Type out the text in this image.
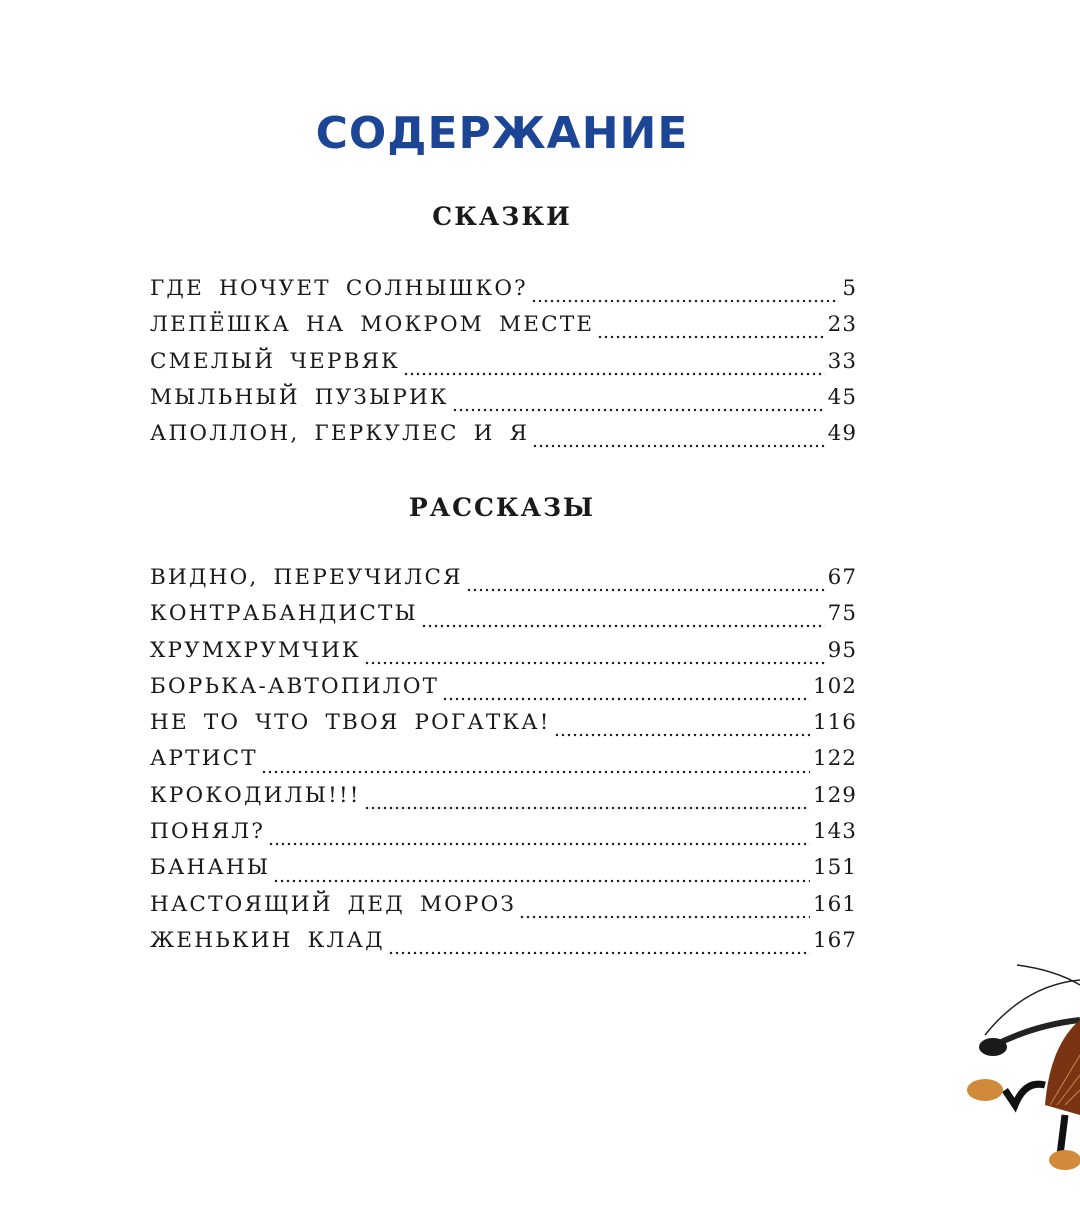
СОДЕРЖАНИЕ
СКАЗКИ
ГДЕ НОЧУЕТ СОЛНЫШКО?	5
ЛЕПЁШКА НА МОКРОМ МЕСТЕ	23
СМЕЛЫЙ ЧЕРВЯК	33
МЫЛЬНЫЙ ПУЗЫРИК	45
АПОЛЛОН, ГЕРКУЛЕС И Я	49
РАССКАЗЫ
ВИДНО, ПЕРЕУЧИЛСЯ	67
КОНТРАБАНДИСТЫ	75
ХРУМХРУМЧИК	95
БОРЬКА-АВТОПИЛОТ	102
НЕ ТО ЧТО ТВОЯ РОГАТКА!	116
АРТИСТ	122
КРОКОДИЛЫ!!!	129
ПОНЯЛ?	143
БАНАНЫ	151
НАСТОЯЩИЙ ДЕД МОРОЗ	161
ЖЕНЬКИН КЛАД	167
